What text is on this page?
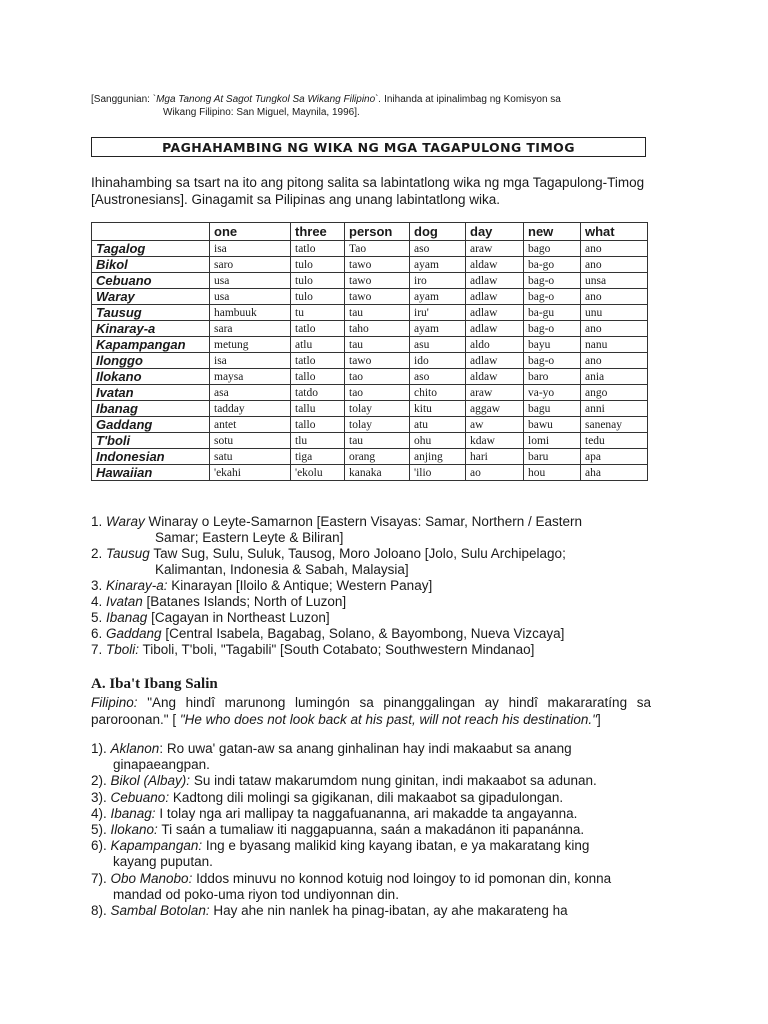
[Sanggunian: `Mga Tanong At Sagot Tungkol Sa Wikang Filipino`. Inihanda at ipinalimbag ng Komisyon sa
Wikang Filipino: San Miguel, Maynila, 1996].
PAGHAHAMBING NG WIKA NG MGA TAGAPULONG TIMOG
Ihinahambing sa tsart na ito ang pitong salita sa labintatlong wika ng mga Tagapulong-Timog [Austronesians]. Ginagamit sa Pilipinas ang unang labintatlong wika.
	one	three	person	dog	day	new	what
Tagalog	isa	tatlo	Tao	aso	araw	bago	ano
Bikol	saro	tulo	tawo	ayam	aldaw	ba-go	ano
Cebuano	usa	tulo	tawo	iro	adlaw	bag-o	unsa
Waray	usa	tulo	tawo	ayam	adlaw	bag-o	ano
Tausug	hambuuk	tu	tau	iru'	adlaw	ba-gu	unu
Kinaray-a	sara	tatlo	taho	ayam	adlaw	bag-o	ano
Kapampangan	metung	atlu	tau	asu	aldo	bayu	nanu
Ilonggo	isa	tatlo	tawo	ido	adlaw	bag-o	ano
Ilokano	maysa	tallo	tao	aso	aldaw	baro	ania
Ivatan	asa	tatdo	tao	chito	araw	va-yo	ango
Ibanag	tadday	tallu	tolay	kitu	aggaw	bagu	anni
Gaddang	antet	tallo	tolay	atu	aw	bawu	sanenay
T'boli	sotu	tlu	tau	ohu	kdaw	lomi	tedu
Indonesian	satu	tiga	orang	anjing	hari	baru	apa
Hawaiian	'ekahi	'ekolu	kanaka	'ilio	ao	hou	aha
1. Waray Winaray o Leyte-Samarnon [Eastern Visayas: Samar, Northern / Eastern
Samar; Eastern Leyte & Biliran]
2. Tausug Taw Sug, Sulu, Suluk, Tausog, Moro Joloano [Jolo, Sulu Archipelago;
Kalimantan, Indonesia & Sabah, Malaysia]
3. Kinaray-a: Kinarayan [Iloilo & Antique; Western Panay]
4. Ivatan [Batanes Islands; North of Luzon]
5. Ibanag [Cagayan in Northeast Luzon]
6. Gaddang [Central Isabela, Bagabag, Solano, & Bayombong, Nueva Vizcaya]
7. Tboli: Tiboli, T'boli, "Tagabili" [South Cotabato; Southwestern Mindanao]
A. Iba't Ibang Salin
Filipino: "Ang hindî marunong lumingón sa pinanggalingan ay hindî makararatíng sa paroroonan." [ "He who does not look back at his past, will not reach his destination."]
1). Aklanon: Ro uwa' gatan-aw sa anang ginhalinan hay indi makaabut sa anang
ginapaeangpan.
2). Bikol (Albay): Su indi tataw makarumdom nung ginitan, indi makaabot sa adunan.
3). Cebuano: Kadtong dili molingi sa gigikanan, dili makaabot sa gipadulongan.
4). Ibanag: I tolay nga ari mallipay ta naggafuananna, ari makadde ta angayanna.
5). Ilokano: Ti saán a tumaliaw iti naggapuanna, saán a makadánon iti papanánna.
6). Kapampangan: Ing e byasang malikid king kayang ibatan, e ya makaratang king
kayang puputan.
7). Obo Manobo: Iddos minuvu no konnod kotuig nod loingoy to id pomonan din, konna
mandad od poko-uma riyon tod undiyonnan din.
8). Sambal Botolan: Hay ahe nin nanlek ha pinag-ibatan, ay ahe makarateng ha
